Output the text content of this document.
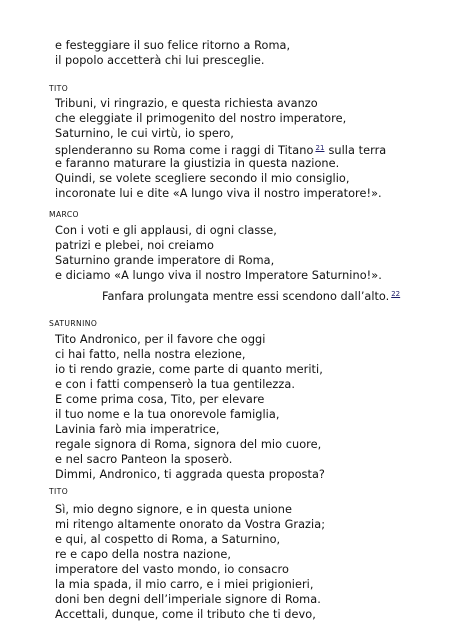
e festeggiare il suo felice ritorno a Roma,
il popolo accetterà chi lui presceglie.
TITO
Tribuni, vi ringrazio, e questa richiesta avanzo
che eleggiate il primogenito del nostro imperatore,
Saturnino, le cui virtù, io spero,
splenderanno su Roma come i raggi di Titano $^{21}$ sulla terra
e faranno maturare la giustizia in questa nazione.
Quindi, se volete scegliere secondo il mio consiglio,
incoronate lui e dite «A lungo viva il nostro imperatore!».
MARCO
Con i voti e gli applausi, di ogni classe,
patrizi e plebei, noi creiamo
Saturnino grande imperatore di Roma,
e diciamo «A lungo viva il nostro Imperatore Saturnino!».
Fanfara prolungata mentre essi scendono dall’alto. $^{22}$
SATURNINO
Tito Andronico, per il favore che oggi
ci hai fatto, nella nostra elezione,
io ti rendo grazie, come parte di quanto meriti,
e con i fatti compenserò la tua gentilezza.
E come prima cosa, Tito, per elevare
il tuo nome e la tua onorevole famiglia,
Lavinia farò mia imperatrice,
regale signora di Roma, signora del mio cuore,
e nel sacro Panteon la sposerò.
Dimmi, Andronico, ti aggrada questa proposta?
TITO
Sì, mio degno signore, e in questa unione
mi ritengo altamente onorato da Vostra Grazia;
e qui, al cospetto di Roma, a Saturnino,
re e capo della nostra nazione,
imperatore del vasto mondo, io consacro
la mia spada, il mio carro, e i miei prigionieri,
doni ben degni dell’imperiale signore di Roma.
Accettali, dunque, come il tributo che ti devo,
